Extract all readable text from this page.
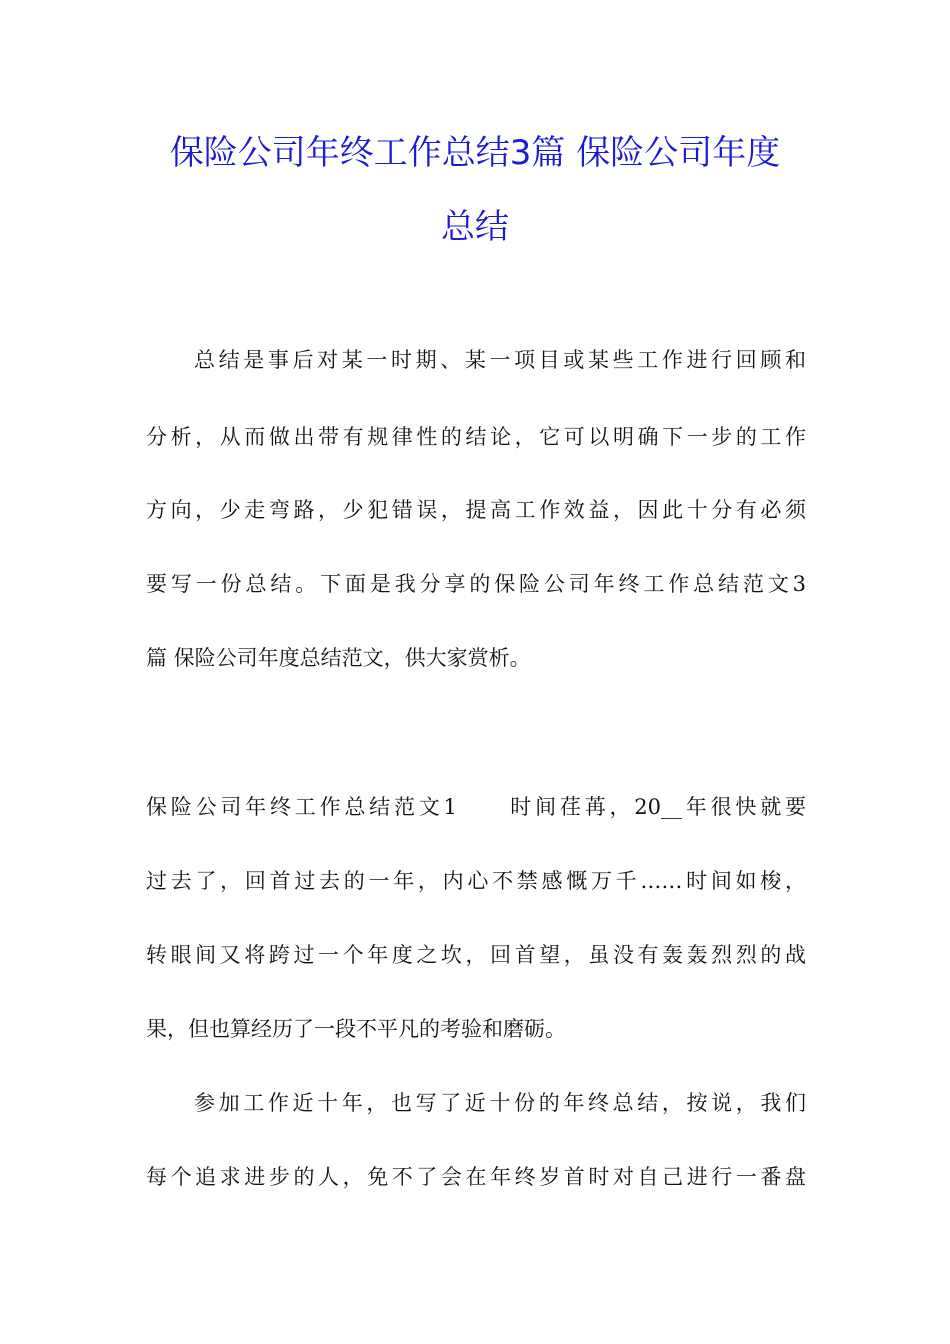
保险公司年终工作总结3篇 保险公司年度
总结
总结是事后对某一时期、某一项目或某些工作进行回顾和
分析，从而做出带有规律性的结论，它可以明确下一步的工作
方向，少走弯路，少犯错误，提高工作效益，因此十分有必须
要写一份总结。下面是我分享的保险公司年终工作总结范文3
篇 保险公司年度总结范文，供大家赏析。
保险公司年终工作总结范文1　　时间荏苒，20__年很快就要
过去了，回首过去的一年，内心不禁感慨万千……时间如梭，
转眼间又将跨过一个年度之坎，回首望，虽没有轰轰烈烈的战
果，但也算经历了一段不平凡的考验和磨砺。
参加工作近十年，也写了近十份的年终总结，按说，我们
每个追求进步的人，免不了会在年终岁首时对自己进行一番盘
